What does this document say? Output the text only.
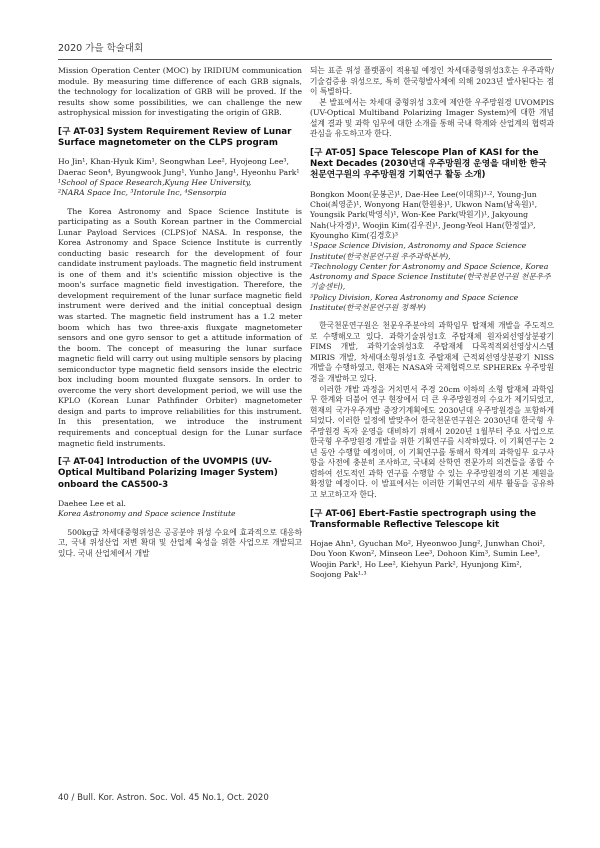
2020 가을 학술대회

Mission Operation Center (MOC) by IRIDIUM communication module. By measuring time difference of each GRB signals, the technology for localization of GRB will be proved. If the results show some possibilities, we can challenge the new astrophysical mission for investigating the origin of GRB.

[구 AT-03] System Requirement Review of Lunar Surface magnetometer on the CLPS program

Ho Jin¹, Khan-Hyuk Kim¹, Seongwhan Lee², Hyojeong Lee³, Daerac Seon⁴, Byungwook Jung¹, Yunho Jang¹, Hyeonhu Park¹

¹School of Space Research,Kyung Hee University,

²NARA Space Inc, ³Intorule Inc, ⁴Sensorpia

The Korea Astronomy and Space Science Institute is participating as a South Korean partner in the Commercial Lunar Payload Services (CLPS)of NASA. In response, the Korea Astronomy and Space Science Institute is currently conducting basic research for the development of four candidate instrument payloads. The magnetic field instrument is one of them and it's scientific mission objective is the moon's surface magnetic field investigation. Therefore, the development requirement of the lunar surface magnetic field instrument were derived and the initial conceptual design was started. The magnetic field instrument has a 1.2 meter boom which has two three-axis fluxgate magnetometer sensors and one gyro sensor to get a attitude information of the boom. The concept of measuring the lunar surface magnetic field will carry out using multiple sensors by placing semiconductor type magnetic field sensors inside the electric box including boom mounted fluxgate sensors. In order to overcome the very short development period, we will use the KPLO (Korean Lunar Pathfinder Orbiter) magnetometer design and parts to improve reliabilities for this instrument. In this presentation, we introduce the instrument requirements and conceptual design for the Lunar surface magnetic field instruments.

[구 AT-04] Introduction of the UVOMPIS (UV-Optical Multiband Polarizing Imager System) onboard the CAS500-3

Daehee Lee et al.

Korea Astronomy and Space science Institute

500kg급 차세대중형위성은 공공분야 위성 수요에 효과적으로 대응하고, 국내 위성산업 저변 확대 및 산업체 육성을 위한 사업으로 개발되고 있다. 국내 산업체에서 개발

되는 표준 위성 플랫폼이 적용될 예정인 차세대중형위성3호는 우주과학/기술검증용 위성으로, 특히 한국형발사체에 의해 2023년 발사된다는 점이 특별하다.

본 발표에서는 차세대 중형위성 3호에 제안한 우주망원경 UVOMPIS (UV-Optical Multiband Polarizing Imager System)에 대한 개념 설계 결과 및 과학 임무에 대한 소개를 통해 국내 학계와 산업계의 협력과 관심을 유도하고자 한다.

[구 AT-05] Space Telescope Plan of KASI for the Next Decades (2030년대 우주망원경 운영을 대비한 한국천문연구원의 우주망원경 기획연구 활동 소개)

Bongkon Moon(문봉곤)¹, Dae-Hee Lee(이대희)¹·², Young-Jun Choi(최영준)¹, Wonyong Han(한원용)¹, Ukwon Nam(남욱원)¹, Youngsik Park(박영식)¹, Won-Kee Park(박원기)¹, Jakyoung Nah(나자경)¹, Woojin Kim(김우진)¹, Jeong-Yeol Han(한정열)³, Kyoungho Kim(김경호)³

¹Space Science Division, Astronomy and Space Science Institute(한국천문연구원 우주과학본부),

²Technology Center for Astronomy and Space Science, Korea Astronomy and Space Science Institute(한국천문연구원 천문우주기술센터),

³Policy Division, Korea Astronomy and Space Science Institute(한국천문연구원 정책부)

한국천문연구원은 천문우주분야의 과학임무 탑재체 개발을 주도적으로 수행해오고 있다. 과학기술위성1호 주탑재체 원자외선영상분광기 FIMS 개발, 과학기술위성3호 주탑재체 다목적적외선영상시스템 MIRIS 개발, 차세대소형위성1호 주탑재체 근적외선영상분광기 NISS 개발을 수행하였고, 현재는 NASA와 국제협력으로 SPHEREx 우주망원경을 개발하고 있다.

이러한 개발 과정을 거치면서 주경 20cm 이하의 소형 탑재체 과학임무 한계와 더불어 연구 현장에서 더 큰 우주망원경의 수요가 제기되었고, 현재의 국가우주개발 중장기계획에도 2030년대 우주망원경을 포함하게 되었다. 이러한 일정에 발맞추어 한국천문연구원은 2030년대 한국형 우주망원경 독자 운영을 대비하기 위해서 2020년 1월부터 주요 사업으로 한국형 우주망원경 개발을 위한 기획연구를 시작하였다. 이 기획연구는 2년 동안 수행할 예정이며, 이 기획연구를 통해서 학계의 과학임무 요구사항을 사전에 충분히 조사하고, 국내외 산학연 전문가의 의견들을 종합 수렴하여 선도적인 과학 연구를 수행할 수 있는 우주망원경의 기본 제원을 확정할 예정이다. 이 발표에서는 이러한 기획연구의 세부 활동을 공유하고 보고하고자 한다.

[구 AT-06] Ebert-Fastie spectrograph using the Transformable Reflective Telescope kit

Hojae Ahn¹, Gyuchan Mo², Hyeonwoo Jung², Junwhan Choi², Dou Yoon Kwon², Minseon Lee³, Dohoon Kim³, Sumin Lee³, Woojin Park¹, Ho Lee², Kiehyun Park², Hyunjong Kim², Soojong Pak¹·³

40 / Bull. Kor. Astron. Soc. Vol. 45 No.1, Oct. 2020
